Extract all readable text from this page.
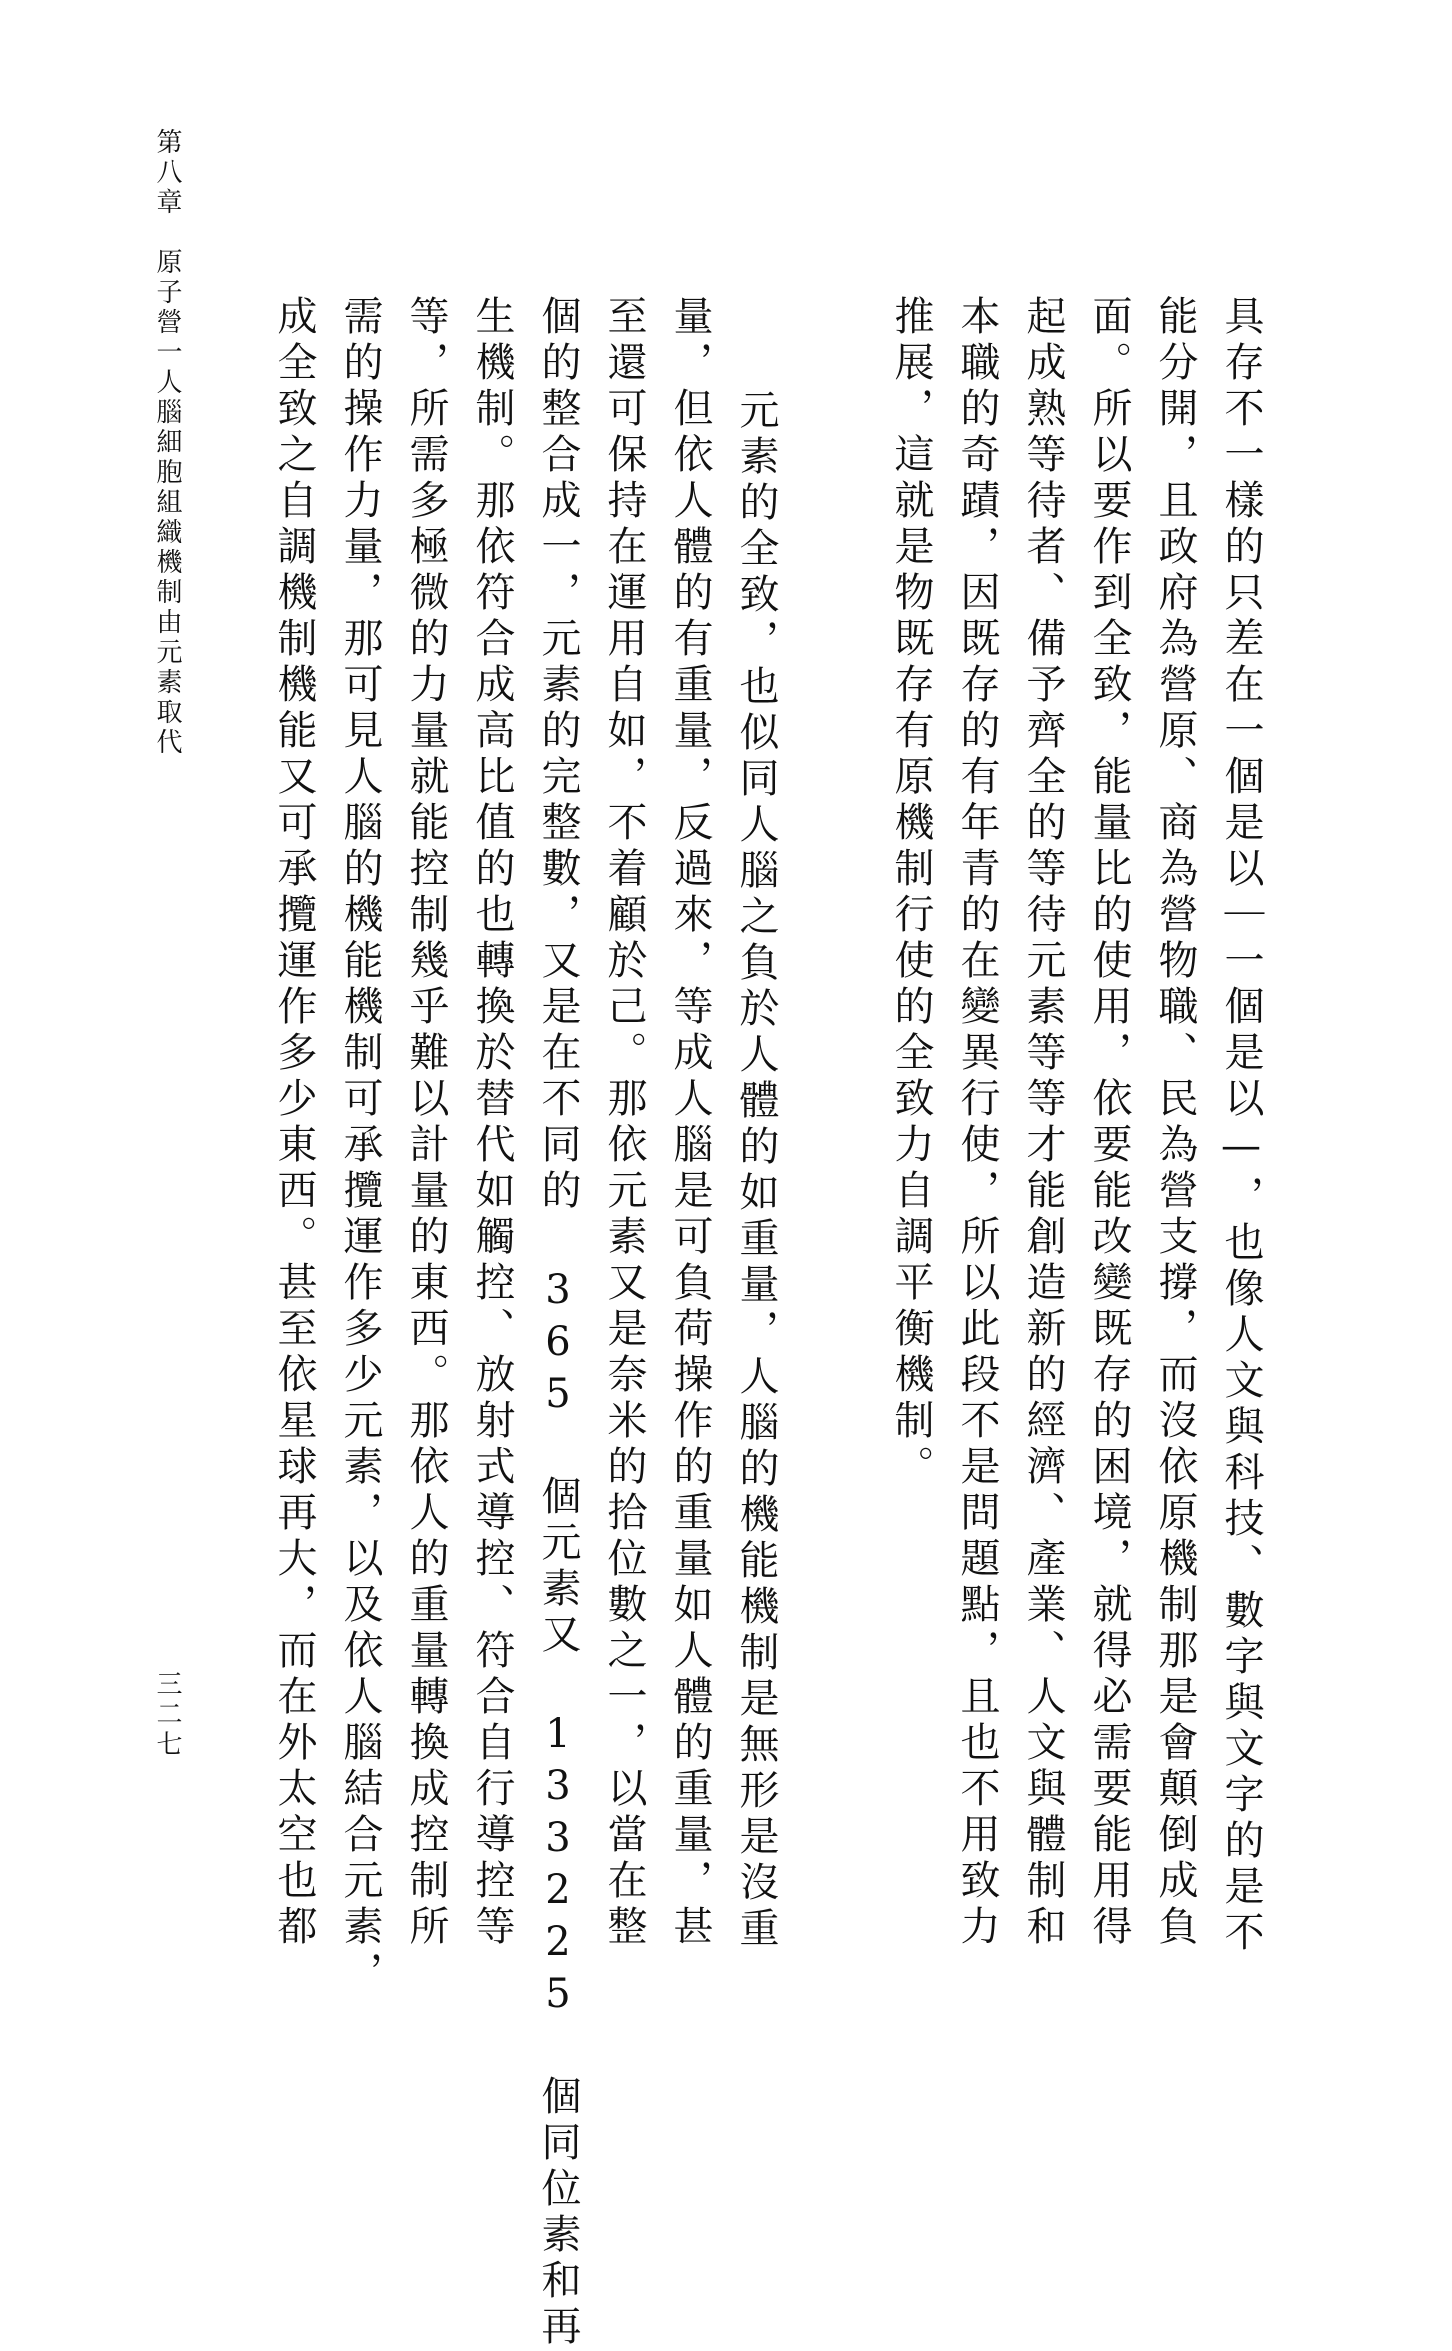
第八章原子營一人腦細胞組織機制由元素取代
三二七	具存不一樣的只差在一個是以｜一個是以—，也像人文與科技、數字與文字的是不
能分開，且政府為營原、商為營物職、民為營支撐，而沒依原機制那是會顛倒成負
面。所以要作到全致，能量比的使用，依要能改變既存的困境，就得必需要能用得
起成熟等待者、備予齊全的等待元素等等才能創造新的經濟、產業、人文與體制和
本職的奇蹟，因既存的有年青的在變異行使，所以此段不是問題點，且也不用致力
推展，這就是物既存有原機制行使的全致力自調平衡機制。
元素的全致，也似同人腦之負於人體的如重量，人腦的機能機制是無形是沒重
量，但依人體的有重量，反過來，等成人腦是可負荷操作的重量如人體的重量，甚
至還可保持在運用自如，不着顧於己。那依元素又是奈米的拾位數之一，以當在整
個的整合成一，元素的完整數，又是在不同的 365 個元素又 133225 個同位素和再
生機制。那依符合成高比值的也轉換於替代如觸控、放射式導控、符合自行導控等
等，所需多極微的力量就能控制幾乎難以計量的東西。那依人的重量轉換成控制所
需的操作力量，那可見人腦的機能機制可承攬運作多少元素，以及依人腦結合元素，
成全致之自調機制機能又可承攬運作多少東西。甚至依星球再大，而在外太空也都
